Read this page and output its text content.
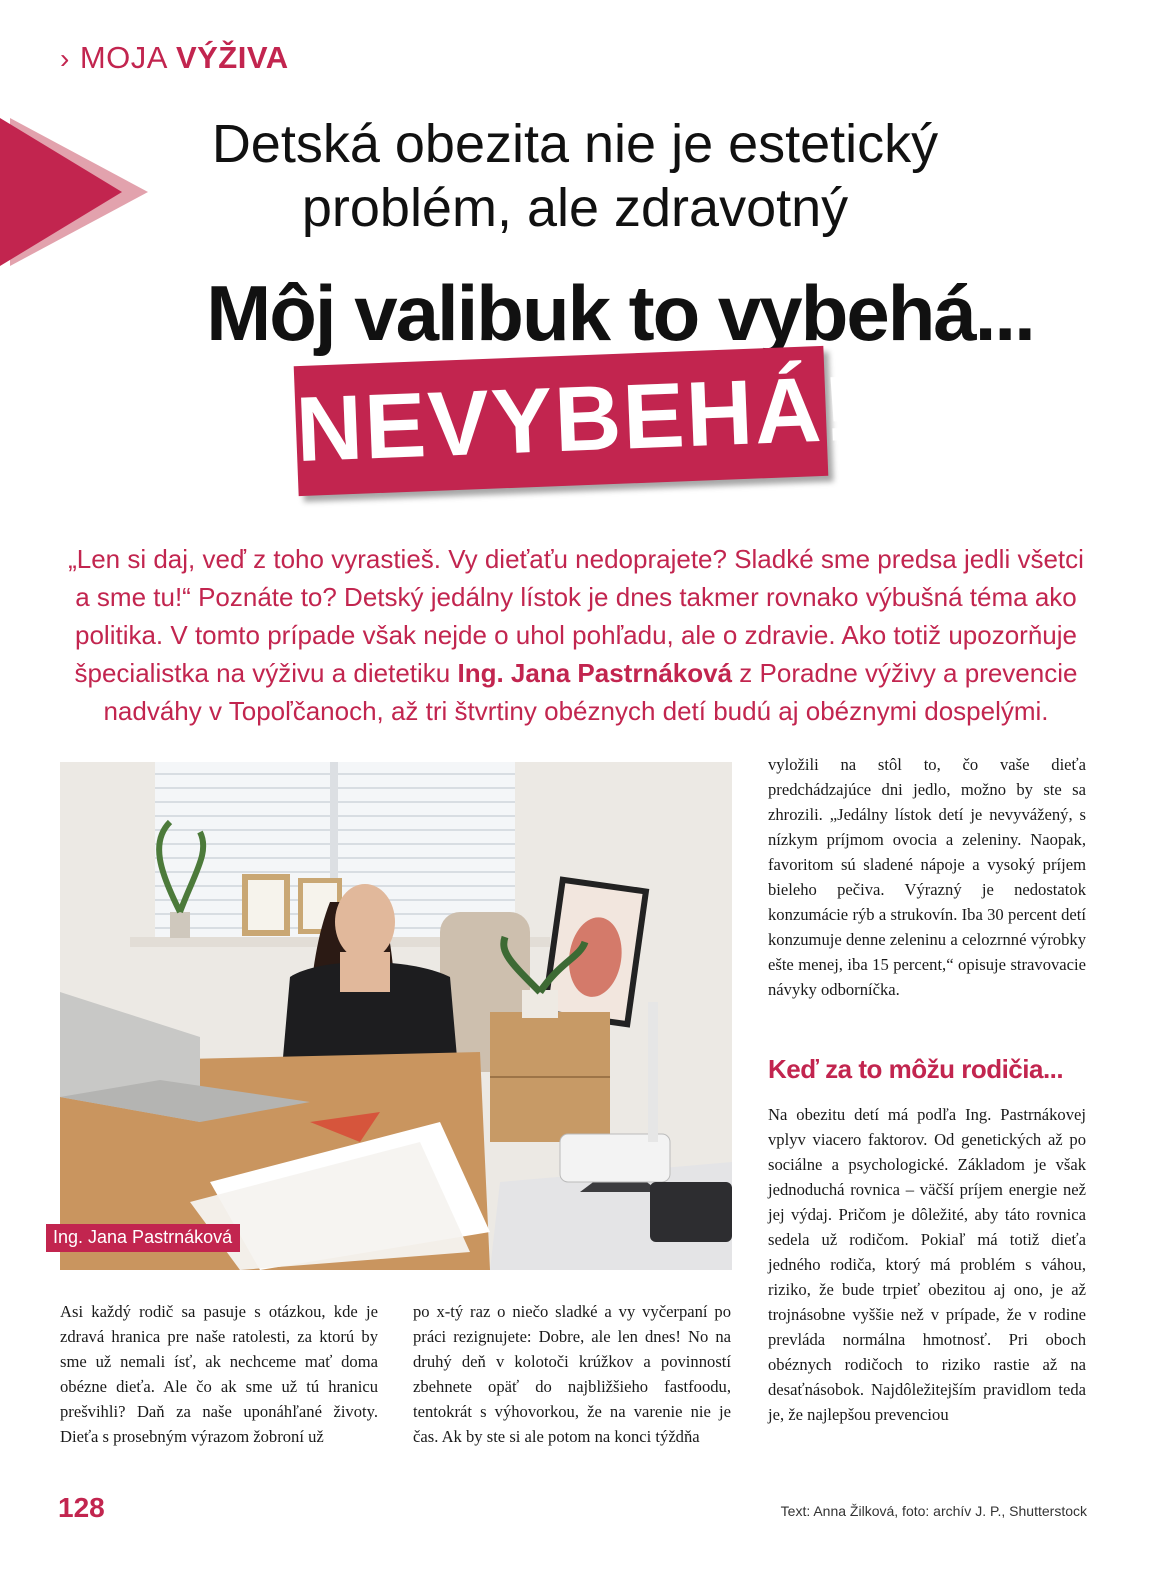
› MOJA VÝŽIVA
Detská obezita nie je estetický
problém, ale zdravotný
Môj valibuk to vybehá...
NEVYBEHÁ!
„Len si daj, veď z toho vyrastieš. Vy dieťaťu nedoprajete? Sladké sme predsa jedli všetci a sme tu!“ Poznáte to? Detský jedálny lístok je dnes takmer rovnako výbušná téma ako politika. V tomto prípade však nejde o uhol pohľadu, ale o zdravie. Ako totiž upozorňuje špecialistka na výživu a dietetiku Ing. Jana Pastrnáková z Poradne výživy a prevencie nadváhy v Topoľčanoch, až tri štvrtiny obéznych detí budú aj obéznymi dospelými.
Ing. Jana Pastrnáková
Asi každý rodič sa pasuje s otázkou, kde je zdravá hranica pre naše ratolesti, za ktorú by sme už nemali ísť, ak nechceme mať doma obézne dieťa. Ale čo ak sme už tú hranicu prešvihli? Daň za naše uponáhľané životy. Dieťa s prosebným výrazom žobroní už
po x-tý raz o niečo sladké a vy vyčerpaní po práci rezignujete: Dobre, ale len dnes! No na druhý deň v kolotoči krúžkov a povinností zbehnete opäť do najbližšieho fastfoodu, tentokrát s výhovorkou, že na varenie nie je čas. Ak by ste si ale potom na konci týždňa
vyložili na stôl to, čo vaše dieťa predchádzajúce dni jedlo, možno by ste sa zhrozili. „Jedálny lístok detí je nevyvážený, s nízkym príjmom ovocia a zeleniny. Naopak, favoritom sú sladené nápoje a vysoký príjem bieleho pečiva. Výrazný je nedostatok konzumácie rýb a strukovín. Iba 30 percent detí konzumuje denne zeleninu a celozrnné výrobky ešte menej, iba 15 percent,“ opisuje stravovacie návyky odborníčka.
Keď za to môžu rodičia...
Na obezitu detí má podľa Ing. Pastrnákovej vplyv viacero faktorov. Od genetických až po sociálne a psychologické. Základom je však jednoduchá rovnica – väčší príjem energie než jej výdaj. Pričom je dôležité, aby táto rovnica sedela už rodičom. Pokiaľ má totiž dieťa jedného rodiča, ktorý má problém s váhou, riziko, že bude trpieť obezitou aj ono, je až trojnásobne vyššie než v prípade, že v rodine prevláda normálna hmotnosť. Pri oboch obéznych rodičoch to riziko rastie až na desaťnásobok. Najdôležitejším pravidlom teda je, že najlepšou prevenciou
128	Text: Anna Žilková, foto: archív J. P., Shutterstock
